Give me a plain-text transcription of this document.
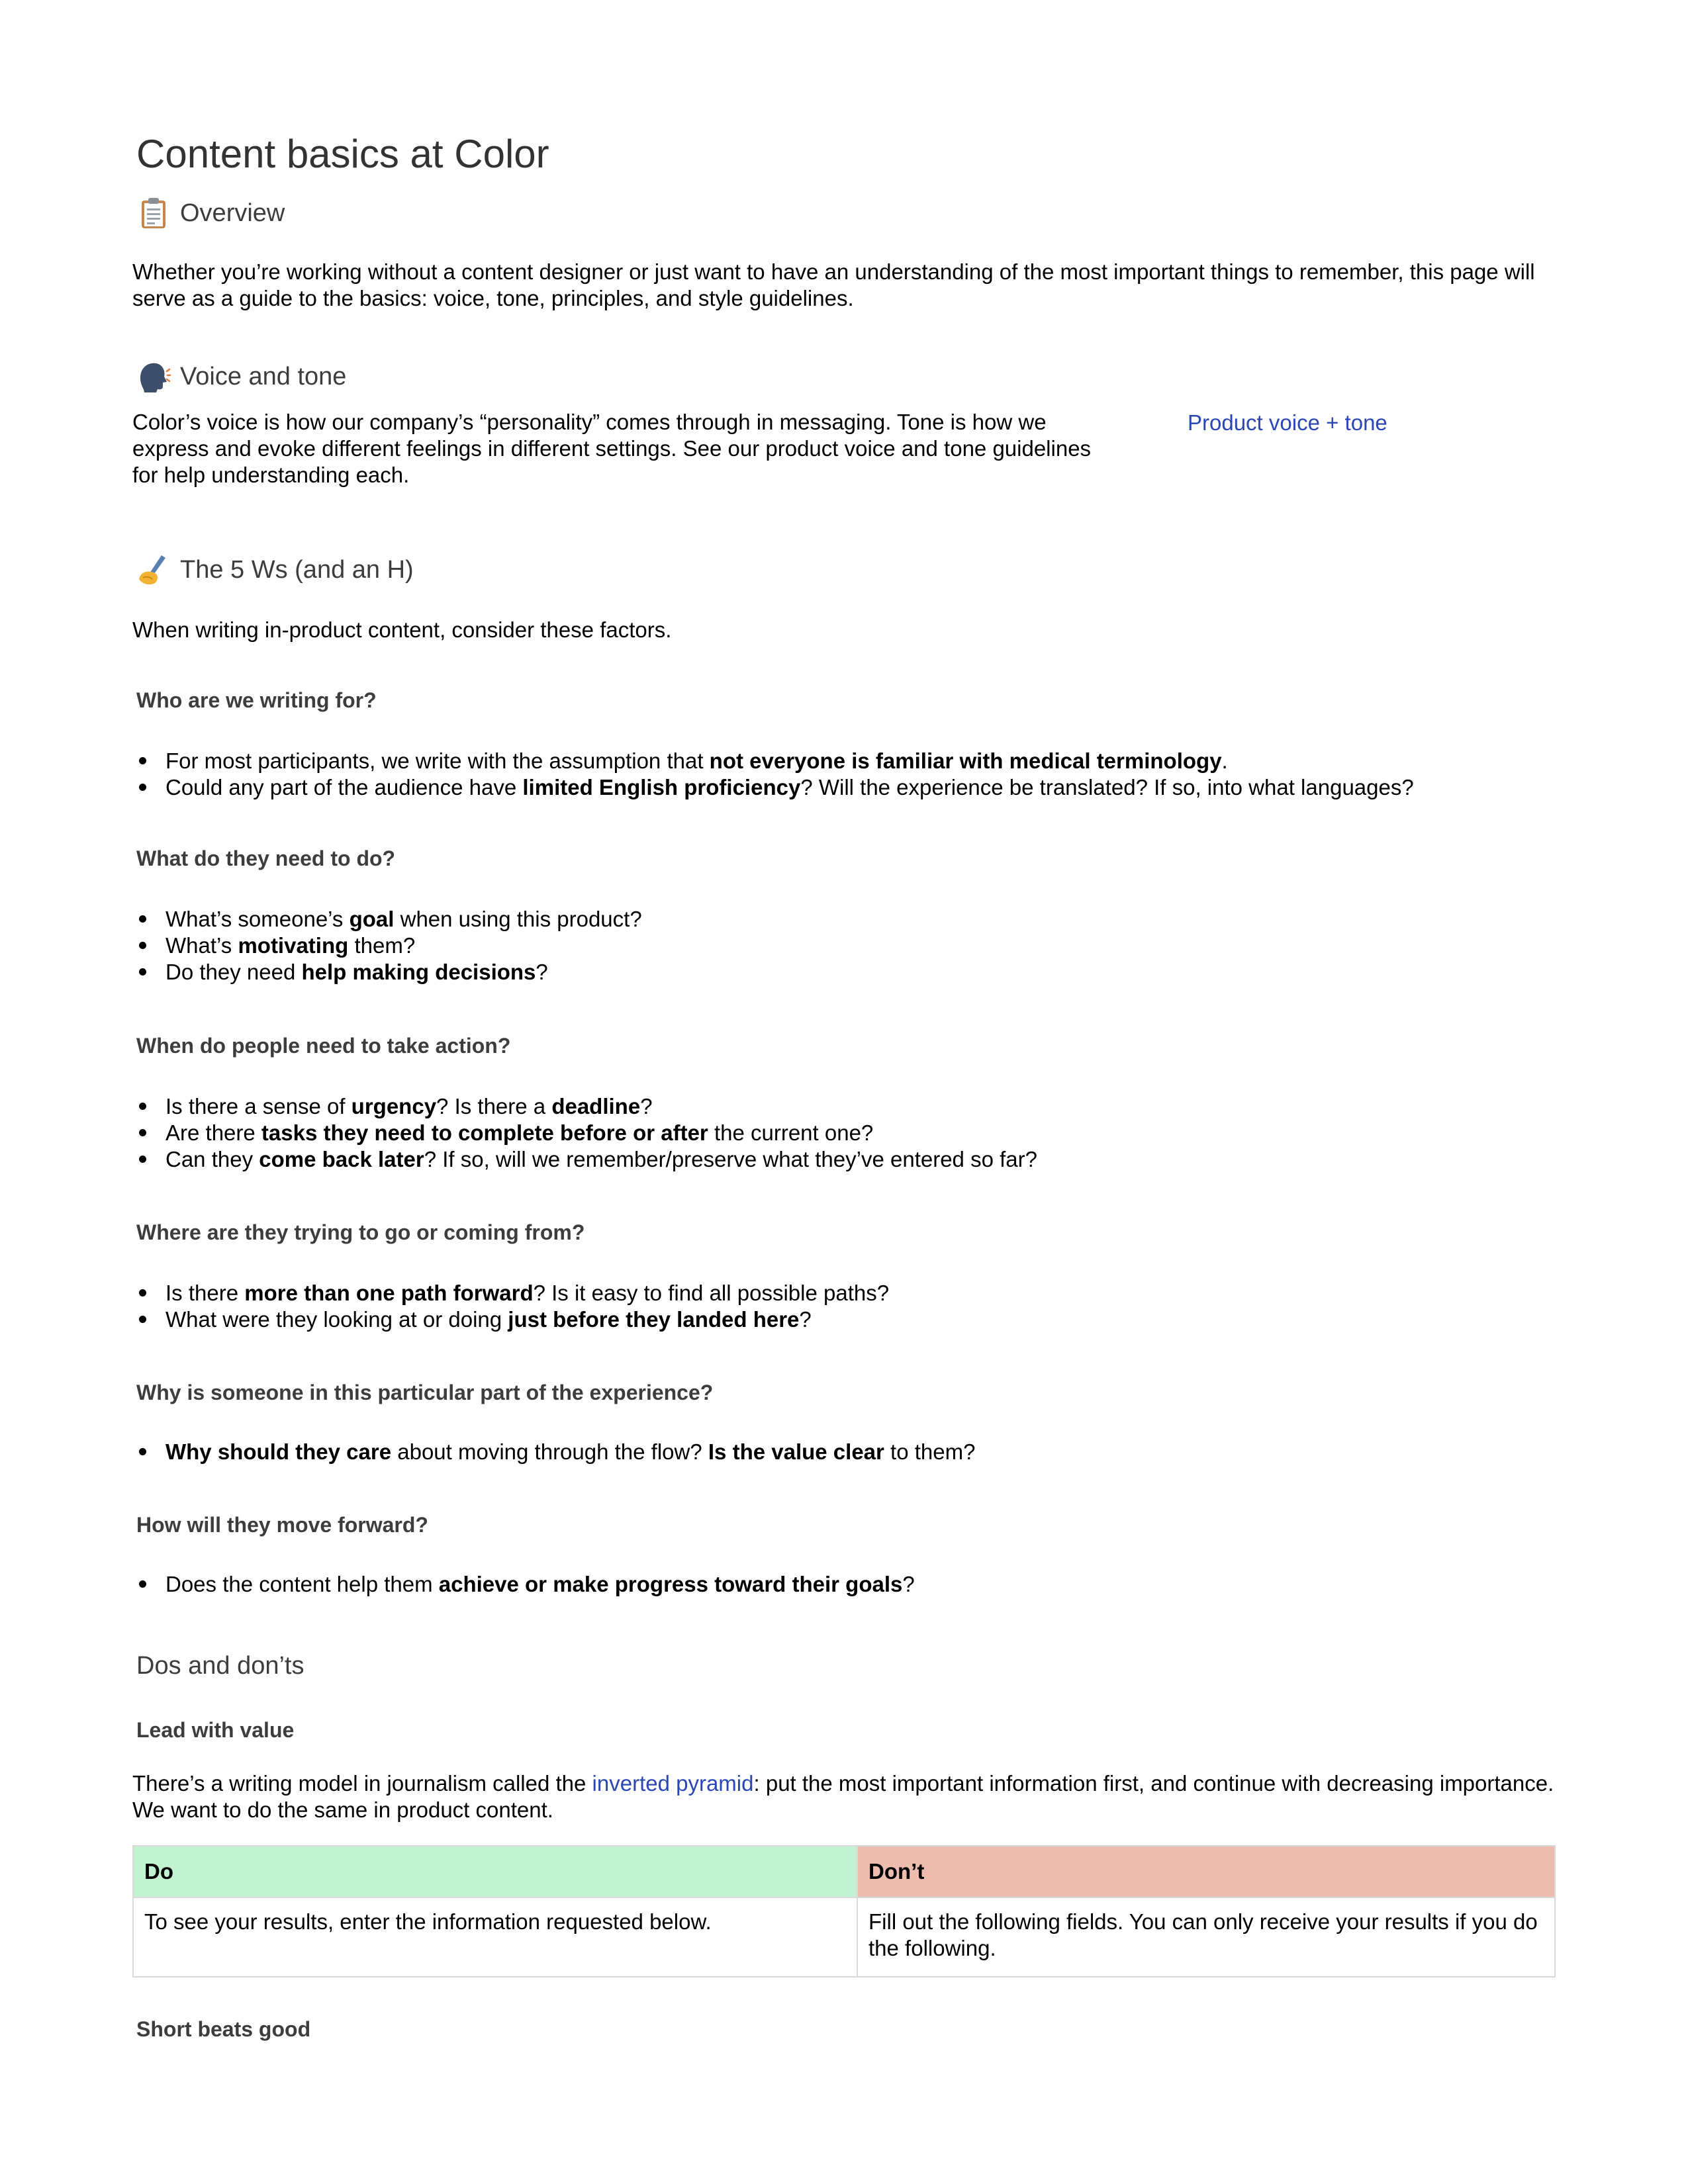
Content basics at Color
Overview
Whether you’re working without a content designer or just want to have an understanding of the most important things to remember, this page will serve as a guide to the basics: voice, tone, principles, and style guidelines.
Voice and tone
Color’s voice is how our company’s “personality” comes through in messaging. Tone is how we express and evoke different feelings in different settings. See our product voice and tone guidelines for help understanding each.
Product voice + tone
The 5 Ws (and an H)
When writing in-product content, consider these factors.
Who are we writing for?
For most participants, we write with the assumption that not everyone is familiar with medical terminology.
Could any part of the audience have limited English proficiency? Will the experience be translated? If so, into what languages?
What do they need to do?
What’s someone’s goal when using this product?
What’s motivating them?
Do they need help making decisions?
When do people need to take action?
Is there a sense of urgency? Is there a deadline?
Are there tasks they need to complete before or after the current one?
Can they come back later? If so, will we remember/preserve what they’ve entered so far?
Where are they trying to go or coming from?
Is there more than one path forward? Is it easy to find all possible paths?
What were they looking at or doing just before they landed here?
Why is someone in this particular part of the experience?
Why should they care about moving through the flow? Is the value clear to them?
How will they move forward?
Does the content help them achieve or make progress toward their goals?
Dos and don’ts
Lead with value
There’s a writing model in journalism called the inverted pyramid: put the most important information first, and continue with decreasing importance. We want to do the same in product content.
Do	Don’t
To see your results, enter the information requested below.	Fill out the following fields. You can only receive your results if you do the following.
Short beats good
